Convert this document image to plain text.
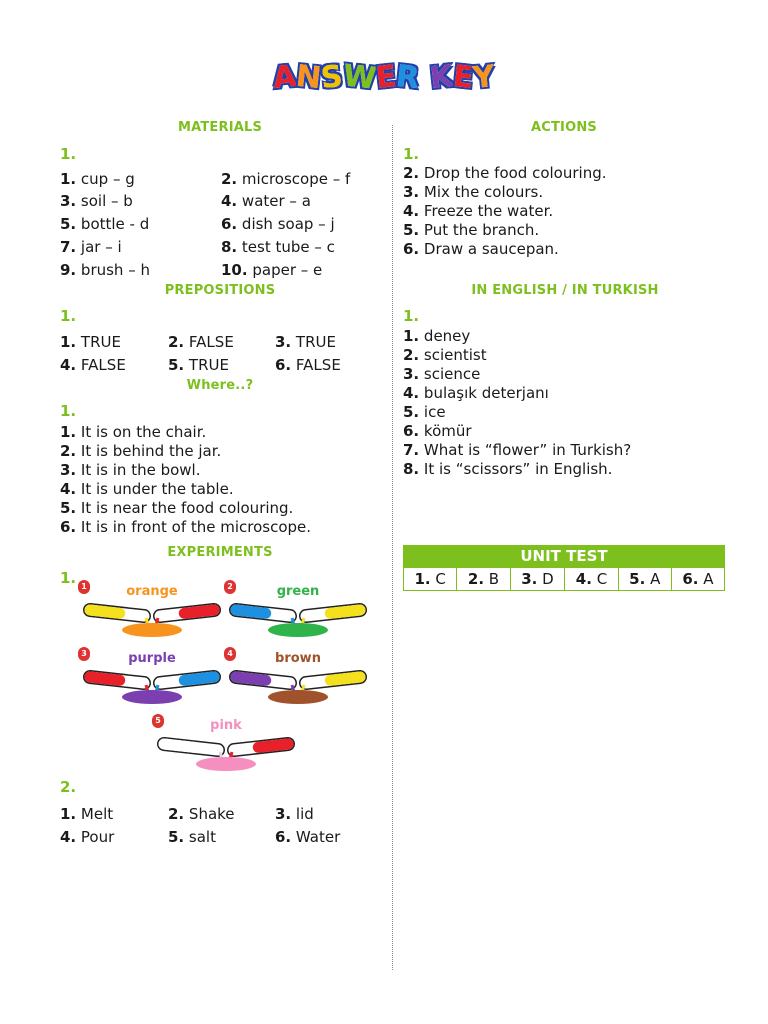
ANSWER KEY
MATERIALS
1.
1. cup – g	2. microscope – f
3. soil – b	4. water – a
5. bottle - d	6. dish soap – j
7. jar – i	8. test tube – c
9. brush – h	10. paper – e
PREPOSITIONS
1.
1. TRUE	2. FALSE	3. TRUE
4. FALSE	5. TRUE	6. FALSE
Where..?
1.
1. It is on the chair.
2. It is behind the jar.
3. It is in the bowl.
4. It is under the table.
5. It is near the food colouring.
6. It is in front of the microscope.
EXPERIMENTS
1. 1	orange	2	green
3	purple	4	brown
5	pink
2.
1. Melt	2. Shake	3. lid
4. Pour	5. salt	6. Water
ACTIONS
1.
2. Drop the food colouring.
3. Mix the colours.
4. Freeze the water.
5. Put the branch.
6. Draw a saucepan.
IN ENGLISH / IN TURKISH
1.
1. deney
2. scientist
3. science
4. bulaşık deterjanı
5. ice
6. kömür
7. What is “flower” in Turkish?
8. It is “scissors” in English.
UNIT TEST
1. C	2. B	3. D	4. C	5. A	6. A
